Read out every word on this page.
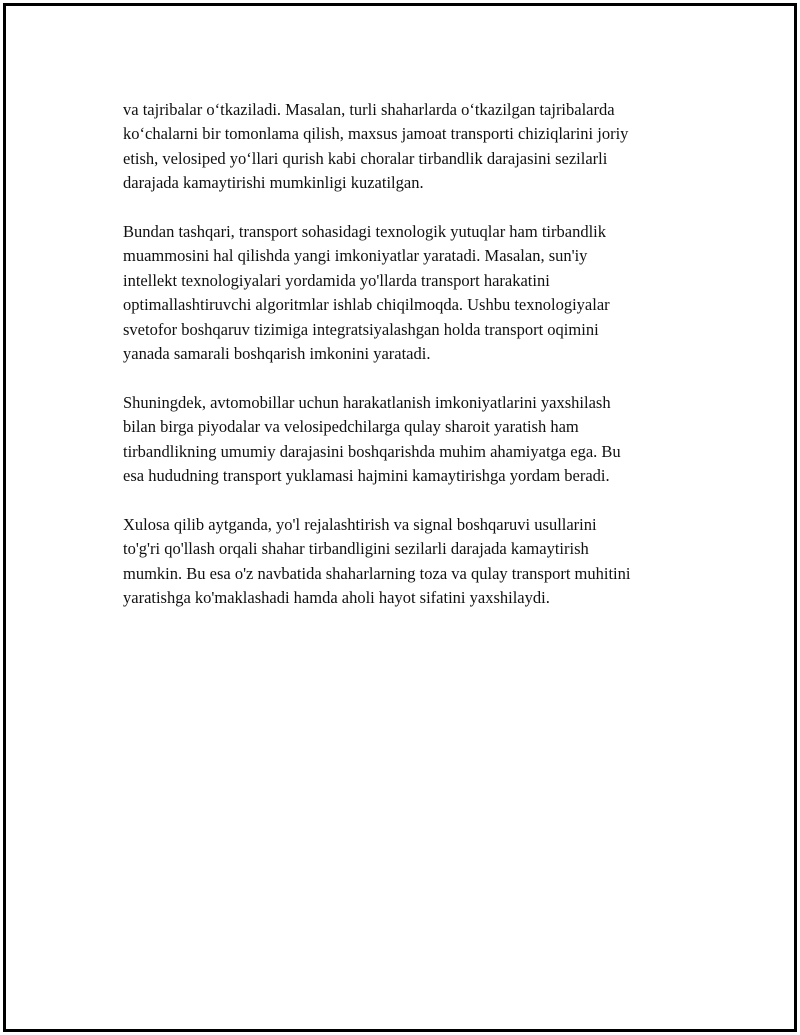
va tajribalar o‘tkaziladi. Masalan, turli shaharlarda o‘tkazilgan tajribalarda
ko‘chalarni bir tomonlama qilish, maxsus jamoat transporti chiziqlarini joriy
etish, velosiped yo‘llari qurish kabi choralar tirbandlik darajasini sezilarli
darajada kamaytirishi mumkinligi kuzatilgan.

Bundan tashqari, transport sohasidagi texnologik yutuqlar ham tirbandlik
muammosini hal qilishda yangi imkoniyatlar yaratadi. Masalan, sun'iy
intellekt texnologiyalari yordamida yo'llarda transport harakatini
optimallashtiruvchi algoritmlar ishlab chiqilmoqda. Ushbu texnologiyalar
svetofor boshqaruv tizimiga integratsiyalashgan holda transport oqimini
yanada samarali boshqarish imkonini yaratadi.

Shuningdek, avtomobillar uchun harakatlanish imkoniyatlarini yaxshilash
bilan birga piyodalar va velosipedchilarga qulay sharoit yaratish ham
tirbandlikning umumiy darajasini boshqarishda muhim ahamiyatga ega. Bu
esa hududning transport yuklamasi hajmini kamaytirishga yordam beradi.

Xulosa qilib aytganda, yo'l rejalashtirish va signal boshqaruvi usullarini
to'g'ri qo'llash orqali shahar tirbandligini sezilarli darajada kamaytirish
mumkin. Bu esa o'z navbatida shaharlarning toza va qulay transport muhitini
yaratishga ko'maklashadi hamda aholi hayot sifatini yaxshilaydi.
